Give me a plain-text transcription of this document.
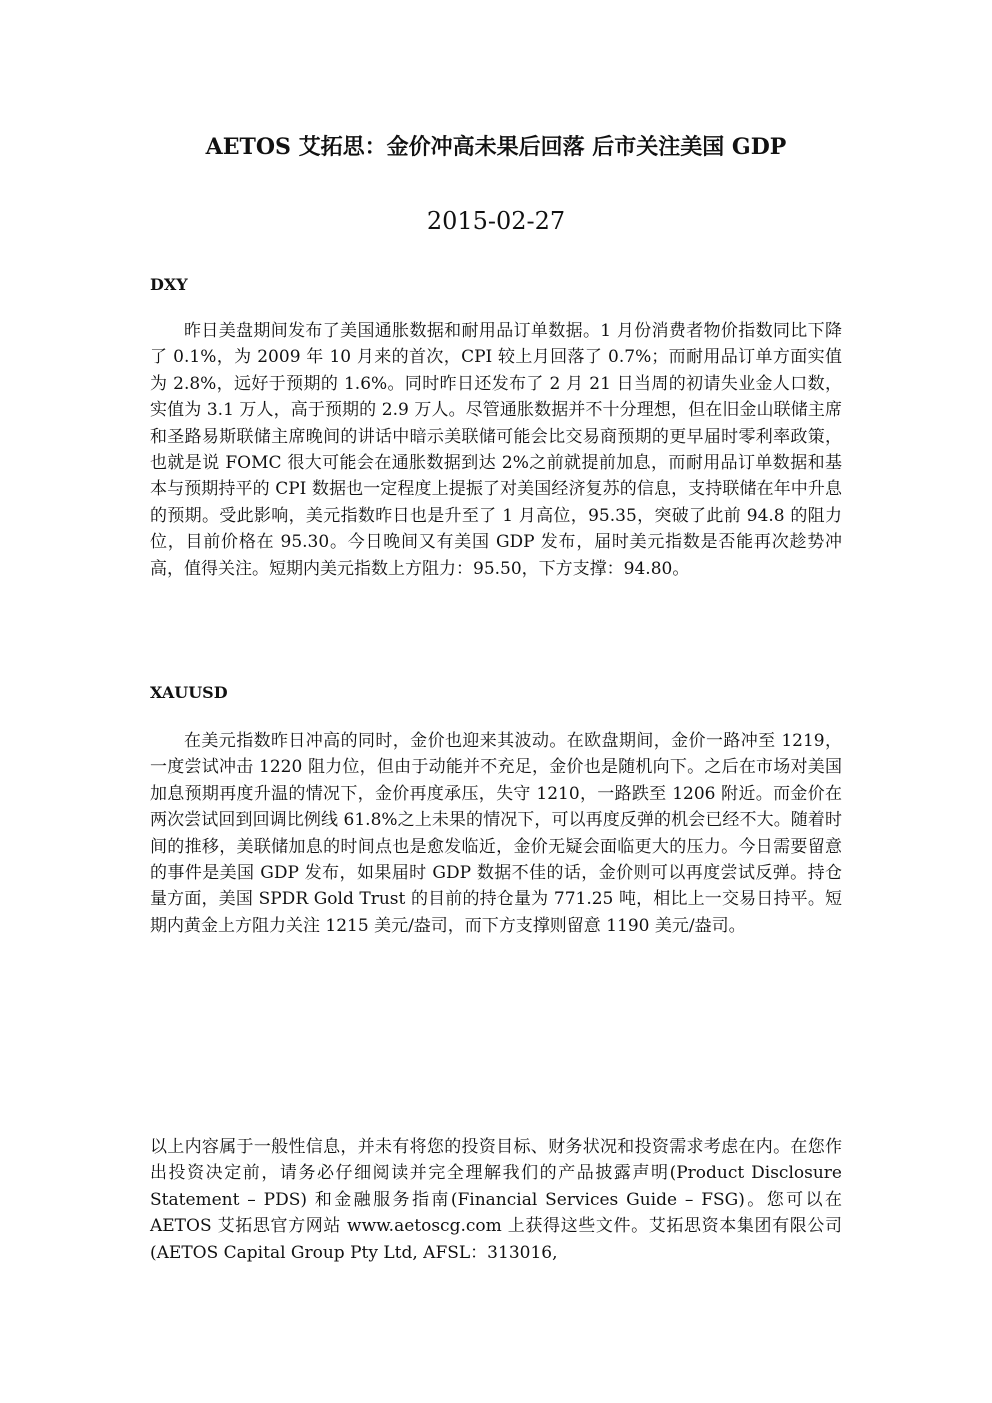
AETOS 艾拓思：金价冲高未果后回落 后市关注美国 GDP
2015-02-27
DXY

昨日美盘期间发布了美国通胀数据和耐用品订单数据。1 月份消费者物价指数同比下降了 0.1%，为 2009 年 10 月来的首次，CPI 较上月回落了 0.7%；而耐用品订单方面实值为 2.8%，远好于预期的 1.6%。同时昨日还发布了 2 月 21 日当周的初请失业金人口数，实值为 3.1 万人，高于预期的 2.9 万人。尽管通胀数据并不十分理想，但在旧金山联储主席和圣路易斯联储主席晚间的讲话中暗示美联储可能会比交易商预期的更早届时零利率政策，也就是说 FOMC 很大可能会在通胀数据到达 2%之前就提前加息，而耐用品订单数据和基本与预期持平的 CPI 数据也一定程度上提振了对美国经济复苏的信息，支持联储在年中升息的预期。受此影响，美元指数昨日也是升至了 1 月高位，95.35，突破了此前 94.8 的阻力位，目前价格在 95.30。今日晚间又有美国 GDP 发布，届时美元指数是否能再次趁势冲高，值得关注。短期内美元指数上方阻力：95.50，下方支撑：94.80。

XAUUSD

在美元指数昨日冲高的同时，金价也迎来其波动。在欧盘期间，金价一路冲至 1219，一度尝试冲击 1220 阻力位，但由于动能并不充足，金价也是随机向下。之后在市场对美国加息预期再度升温的情况下，金价再度承压，失守 1210，一路跌至 1206 附近。而金价在两次尝试回到回调比例线 61.8%之上未果的情况下，可以再度反弹的机会已经不大。随着时间的推移，美联储加息的时间点也是愈发临近，金价无疑会面临更大的压力。今日需要留意的事件是美国 GDP 发布，如果届时 GDP 数据不佳的话，金价则可以再度尝试反弹。持仓量方面，美国 SPDR Gold Trust 的目前的持仓量为 771.25 吨，相比上一交易日持平。短期内黄金上方阻力关注 1215 美元/盎司，而下方支撑则留意 1190 美元/盎司。

以上内容属于一般性信息，并未有将您的投资目标、财务状况和投资需求考虑在内。在您作出投资决定前，请务必仔细阅读并完全理解我们的产品披露声明(Product Disclosure Statement – PDS) 和金融服务指南(Financial Services Guide – FSG)。您可以在 AETOS 艾拓思官方网站 www.aetoscg.com 上获得这些文件。艾拓思资本集团有限公司(AETOS Capital Group Pty Ltd, AFSL：313016,
